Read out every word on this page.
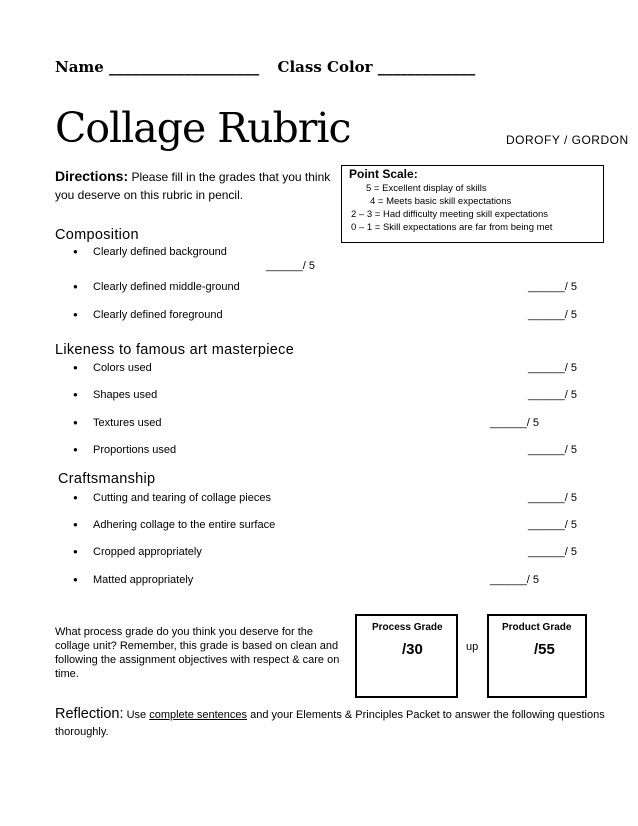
Name ____________________ Class Color _____________
Collage Rubric	DOROFY / GORDON
Directions: Please fill in the grades that you think you deserve on this rubric in pencil.
Point Scale:
5 = Excellent display of skills
4 = Meets basic skill expectations
2 – 3 = Had difficulty meeting skill expectations
0 – 1 = Skill expectations are far from being met
Composition
● Clearly defined background
______/ 5
● Clearly defined middle-ground	______/ 5
● Clearly defined foreground	______/ 5
Likeness to famous art masterpiece
● Colors used	______/ 5
● Shapes used	______/ 5
● Textures used	______/ 5
● Proportions used	______/ 5
Craftsmanship
● Cutting and tearing of collage pieces	______/ 5
● Adhering collage to the entire surface	______/ 5
● Cropped appropriately	______/ 5
● Matted appropriately	______/ 5
What process grade do you think you deserve for the collage unit? Remember, this grade is based on clean and following the assignment objectives with respect & care on time.
Process Grade
/30	up
Product Grade
/55
Reflection: Use complete sentences and your Elements & Principles Packet to answer the following questions thoroughly.
